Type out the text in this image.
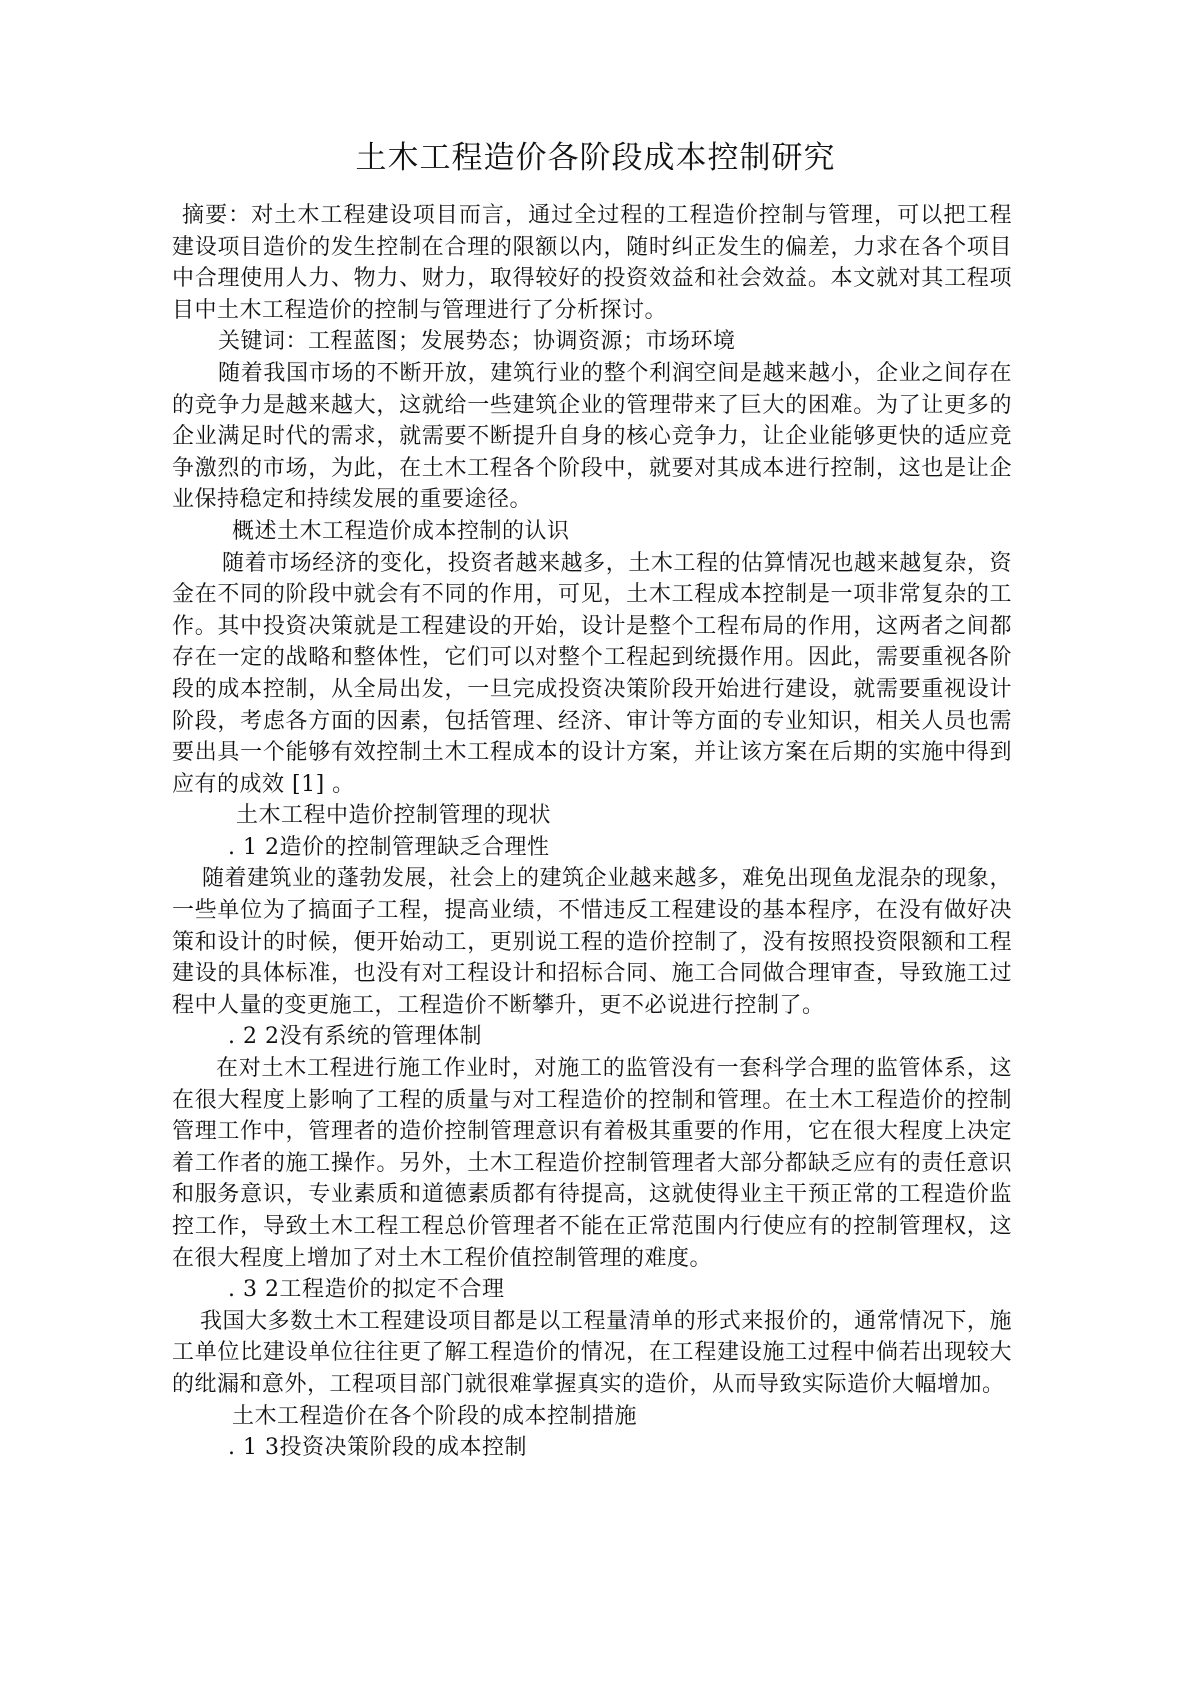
土木工程造价各阶段成本控制研究

摘要：对土木工程建设项目而言，通过全过程的工程造价控制与管理，可以把工程建设项目造价的发生控制在合理的限额以内，随时纠正发生的偏差，力求在各个项目中合理使用人力、物力、财力，取得较好的投资效益和社会效益。本文就对其工程项目中土木工程造价的控制与管理进行了分析探讨。

关键词：工程蓝图；发展势态；协调资源；市场环境

随着我国市场的不断开放，建筑行业的整个利润空间是越来越小，企业之间存在的竞争力是越来越大，这就给一些建筑企业的管理带来了巨大的困难。为了让更多的企业满足时代的需求，就需要不断提升自身的核心竞争力，让企业能够更快的适应竞争激烈的市场，为此，在土木工程各个阶段中，就要对其成本进行控制，这也是让企业保持稳定和持续发展的重要途径。

概述土木工程造价成本控制的认识

随着市场经济的变化，投资者越来越多，土木工程的估算情况也越来越复杂，资金在不同的阶段中就会有不同的作用，可见，土木工程成本控制是一项非常复杂的工作。其中投资决策就是工程建设的开始，设计是整个工程布局的作用，这两者之间都存在一定的战略和整体性，它们可以对整个工程起到统摄作用。因此，需要重视各阶段的成本控制，从全局出发，一旦完成投资决策阶段开始进行建设，就需要重视设计阶段，考虑各方面的因素，包括管理、经济、审计等方面的专业知识，相关人员也需要出具一个能够有效控制土木工程成本的设计方案，并让该方案在后期的实施中得到应有的成效 [1] 。

土木工程中造价控制管理的现状

. 1 2造价的控制管理缺乏合理性

随着建筑业的蓬勃发展，社会上的建筑企业越来越多，难免出现鱼龙混杂的现象，一些单位为了搞面子工程，提高业绩，不惜违反工程建设的基本程序，在没有做好决策和设计的时候，便开始动工，更别说工程的造价控制了，没有按照投资限额和工程建设的具体标准，也没有对工程设计和招标合同、施工合同做合理审查，导致施工过程中人量的变更施工，工程造价不断攀升，更不必说进行控制了。

. 2 2没有系统的管理体制

在对土木工程进行施工作业时，对施工的监管没有一套科学合理的监管体系，这在很大程度上影响了工程的质量与对工程造价的控制和管理。在土木工程造价的控制管理工作中，管理者的造价控制管理意识有着极其重要的作用，它在很大程度上决定着工作者的施工操作。另外，土木工程造价控制管理者大部分都缺乏应有的责任意识和服务意识，专业素质和道德素质都有待提高，这就使得业主干预正常的工程造价监控工作，导致土木工程工程总价管理者不能在正常范围内行使应有的控制管理权，这在很大程度上增加了对土木工程价值控制管理的难度。

. 3 2工程造价的拟定不合理

我国大多数土木工程建设项目都是以工程量清单的形式来报价的，通常情况下，施工单位比建设单位往往更了解工程造价的情况，在工程建设施工过程中倘若出现较大的纰漏和意外，工程项目部门就很难掌握真实的造价，从而导致实际造价大幅增加。

土木工程造价在各个阶段的成本控制措施

. 1 3投资决策阶段的成本控制
